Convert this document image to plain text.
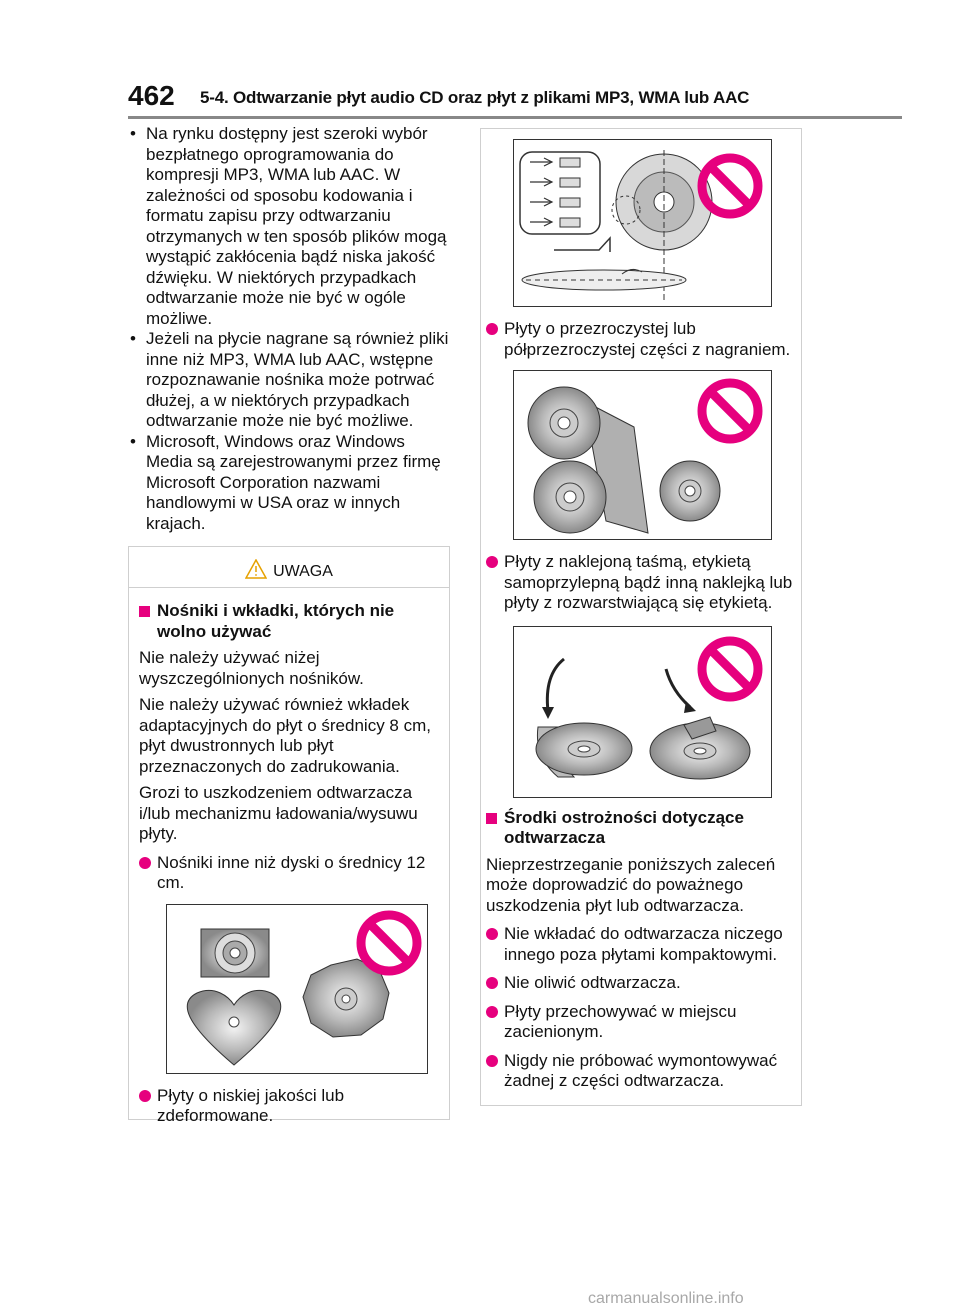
462 5-4. Odtwarzanie płyt audio CD oraz płyt z plikami MP3, WMA lub AAC
• Na rynku dostępny jest szeroki wybór bezpłatnego oprogramowania do kompresji MP3, WMA lub AAC. W zależności od sposobu kodowania i formatu zapisu przy odtwarzaniu otrzymanych w ten sposób plików mogą wystąpić zakłócenia bądź niska jakość dźwięku. W niektórych przypadkach odtwarzanie może nie być w ogóle możliwe.
• Jeżeli na płycie nagrane są również pliki inne niż MP3, WMA lub AAC, wstępne rozpoznawanie nośnika może potrwać dłużej, a w niektórych przypadkach odtwarzanie może nie być możliwe.
• Microsoft, Windows oraz Windows Media są zarejestrowanymi przez firmę Microsoft Corporation nazwami handlowymi w USA oraz w innych krajach.
UWAGA
Nośniki i wkładki, których nie wolno używać

Nie należy używać niżej wyszczególnionych nośników.

Nie należy używać również wkładek adaptacyjnych do płyt o średnicy 8 cm, płyt dwustronnych lub płyt przeznaczonych do zadrukowania.

Grozi to uszkodzeniem odtwarzacza i/lub mechanizmu ładowania/wysuwu płyty.

Nośniki inne niż dyski o średnicy 12 cm.
Płyty o niskiej jakości lub zdeformowane.
Płyty o przezroczystej lub półprzezroczystej części z nagraniem.
Płyty z naklejoną taśmą, etykietą samoprzylepną bądź inną naklejką lub płyty z rozwarstwiającą się etykietą.
Środki ostrożności dotyczące odtwarzacza

Nieprzestrzeganie poniższych zaleceń może doprowadzić do poważnego uszkodzenia płyt lub odtwarzacza.

Nie wkładać do odtwarzacza niczego innego poza płytami kompaktowymi.
Nie oliwić odtwarzacza.
Płyty przechowywać w miejscu zacienionym.
Nigdy nie próbować wymontowywać żadnej z części odtwarzacza.
carmanualsonline.info
